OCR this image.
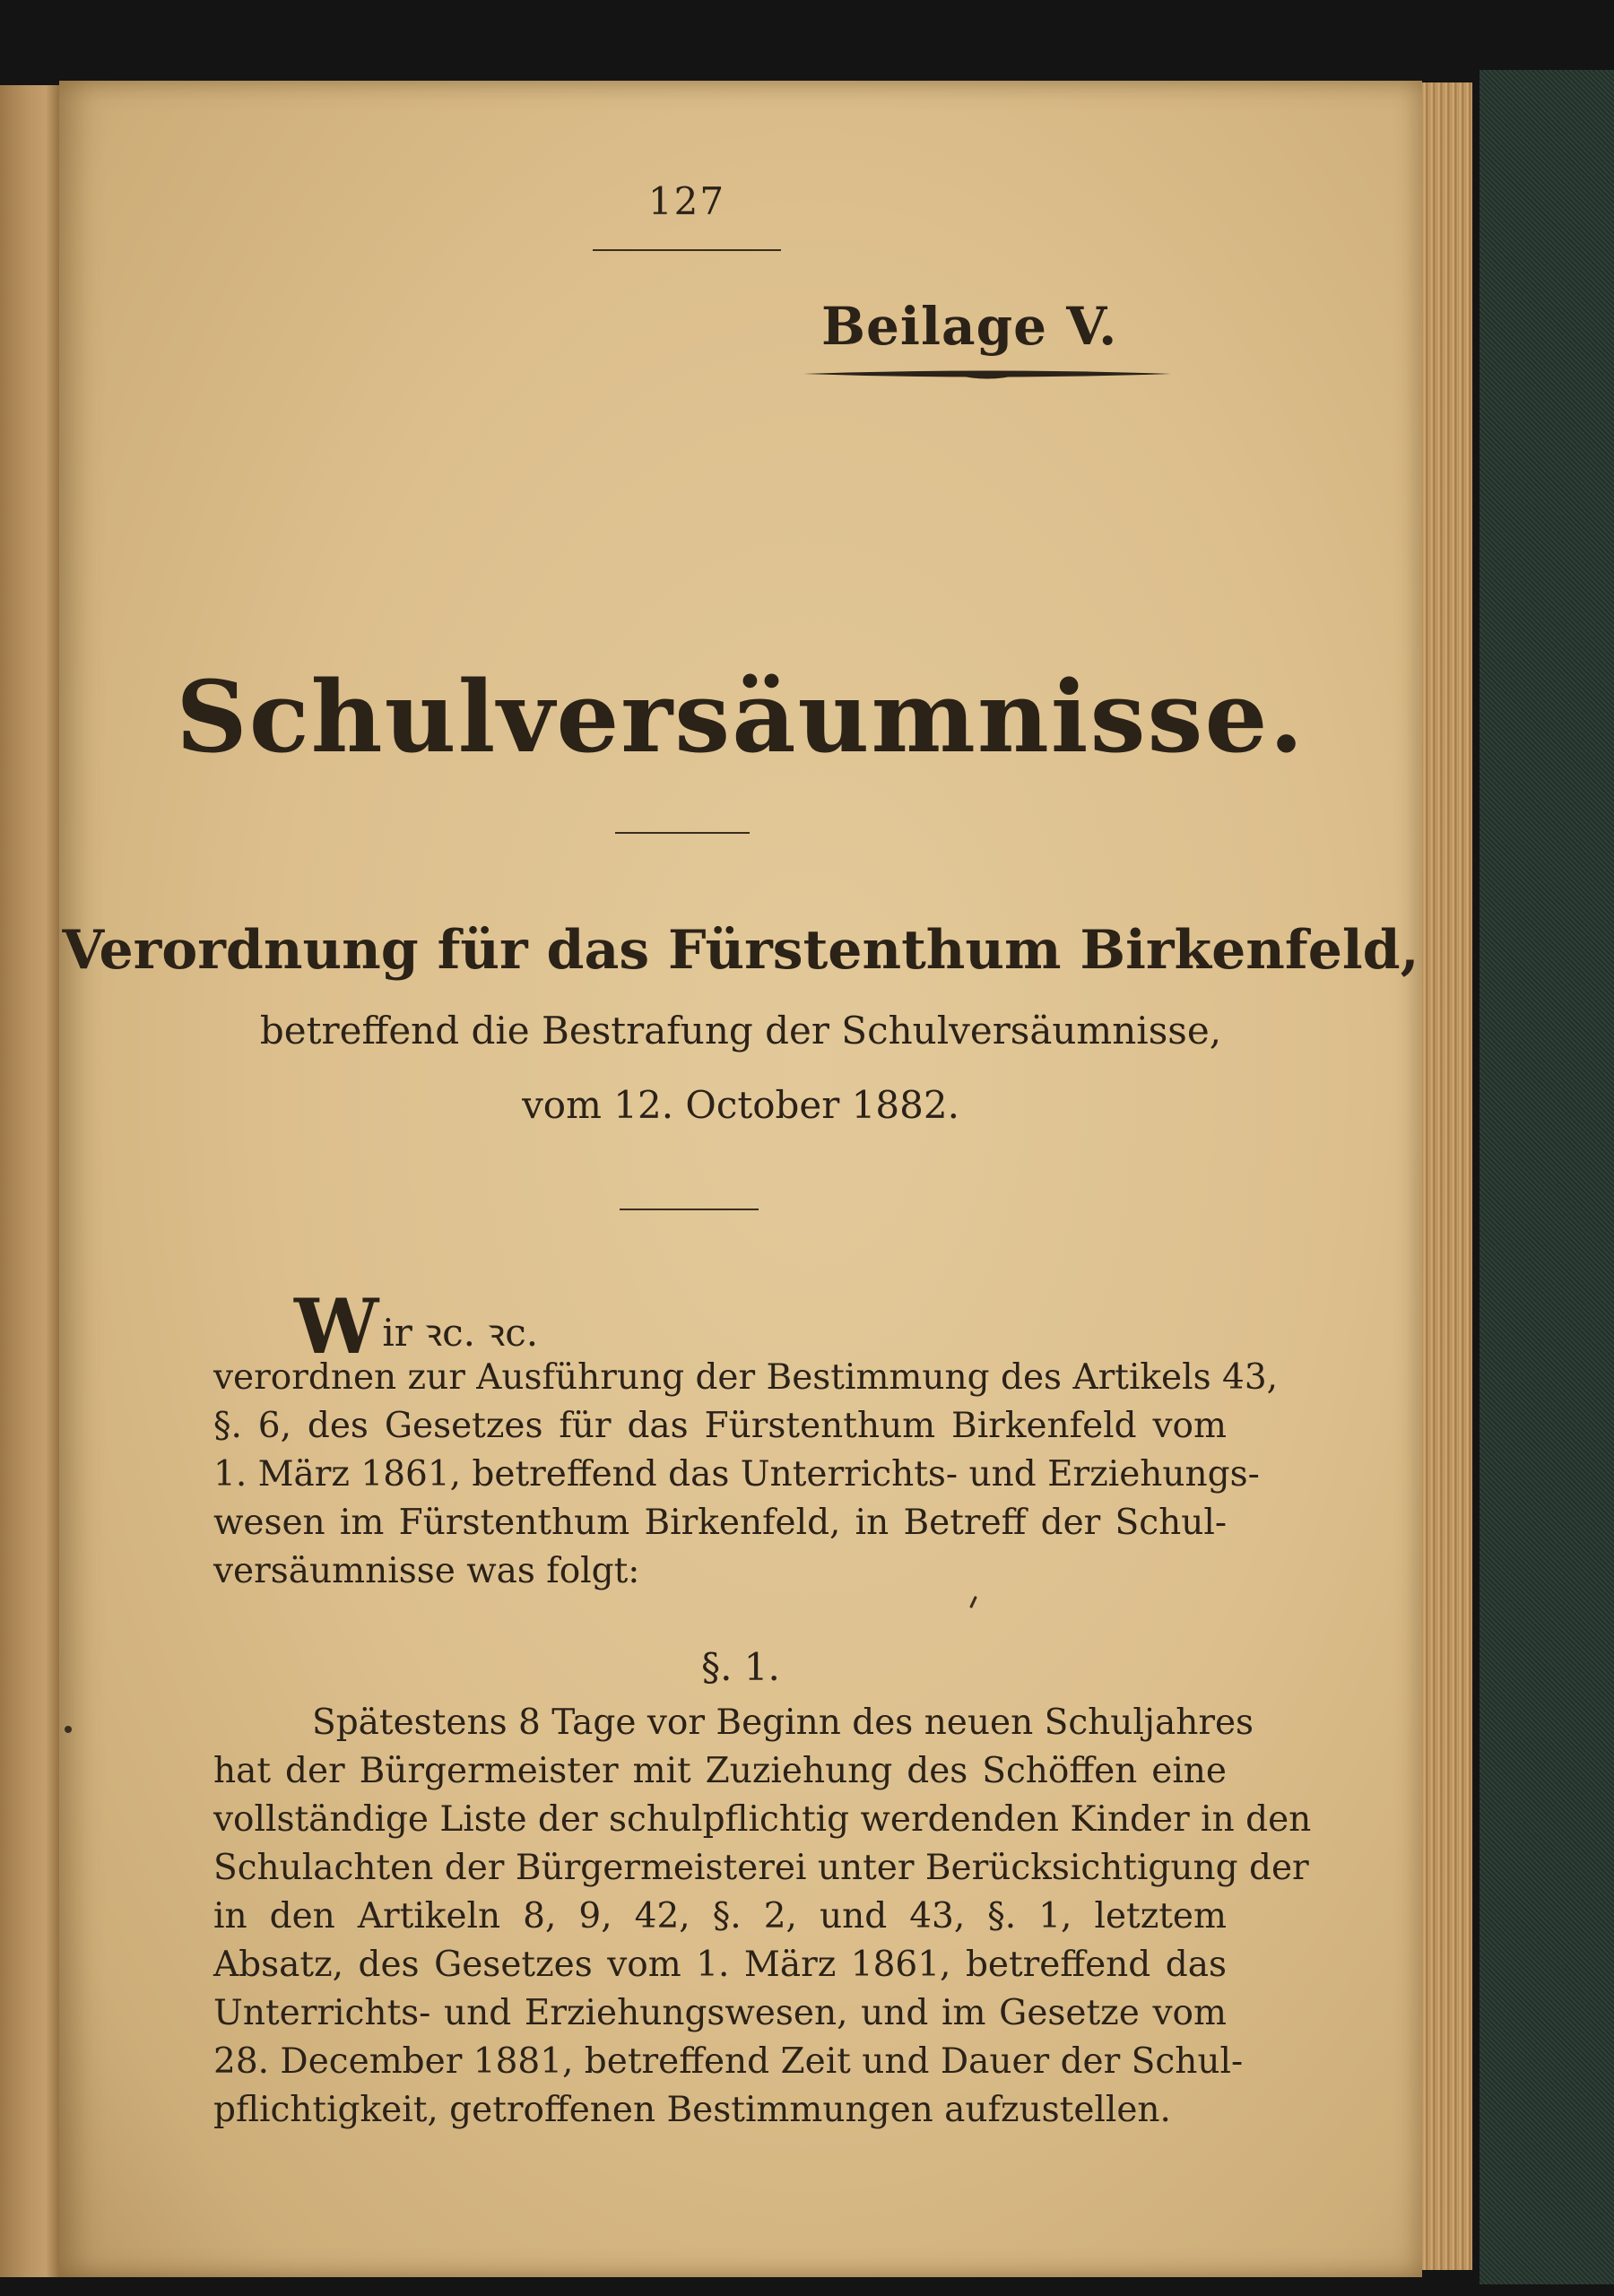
127
Beilage V.
Schulversäumnisse.
Verordnung für das Fürstenthum Birkenfeld,
betreffend die Bestrafung der Schulversäumnisse,
vom 12. October 1882.
Wir ꝛc. ꝛc.
verordnen zur Ausführung der Bestimmung des Artikels 43,
§. 6, des Gesetzes für das Fürstenthum Birkenfeld vom
1. März 1861, betreffend das Unterrichts- und Erziehungs-
wesen im Fürstenthum Birkenfeld, in Betreff der Schul-
versäumnisse was folgt:
§. 1.
Spätestens 8 Tage vor Beginn des neuen Schuljahres
hat der Bürgermeister mit Zuziehung des Schöffen eine
vollständige Liste der schulpflichtig werdenden Kinder in den
Schulachten der Bürgermeisterei unter Berücksichtigung der
in den Artikeln 8, 9, 42, §. 2, und 43, §. 1, letztem
Absatz, des Gesetzes vom 1. März 1861, betreffend das
Unterrichts- und Erziehungswesen, und im Gesetze vom
28. December 1881, betreffend Zeit und Dauer der Schul-
pflichtigkeit, getroffenen Bestimmungen aufzustellen.
